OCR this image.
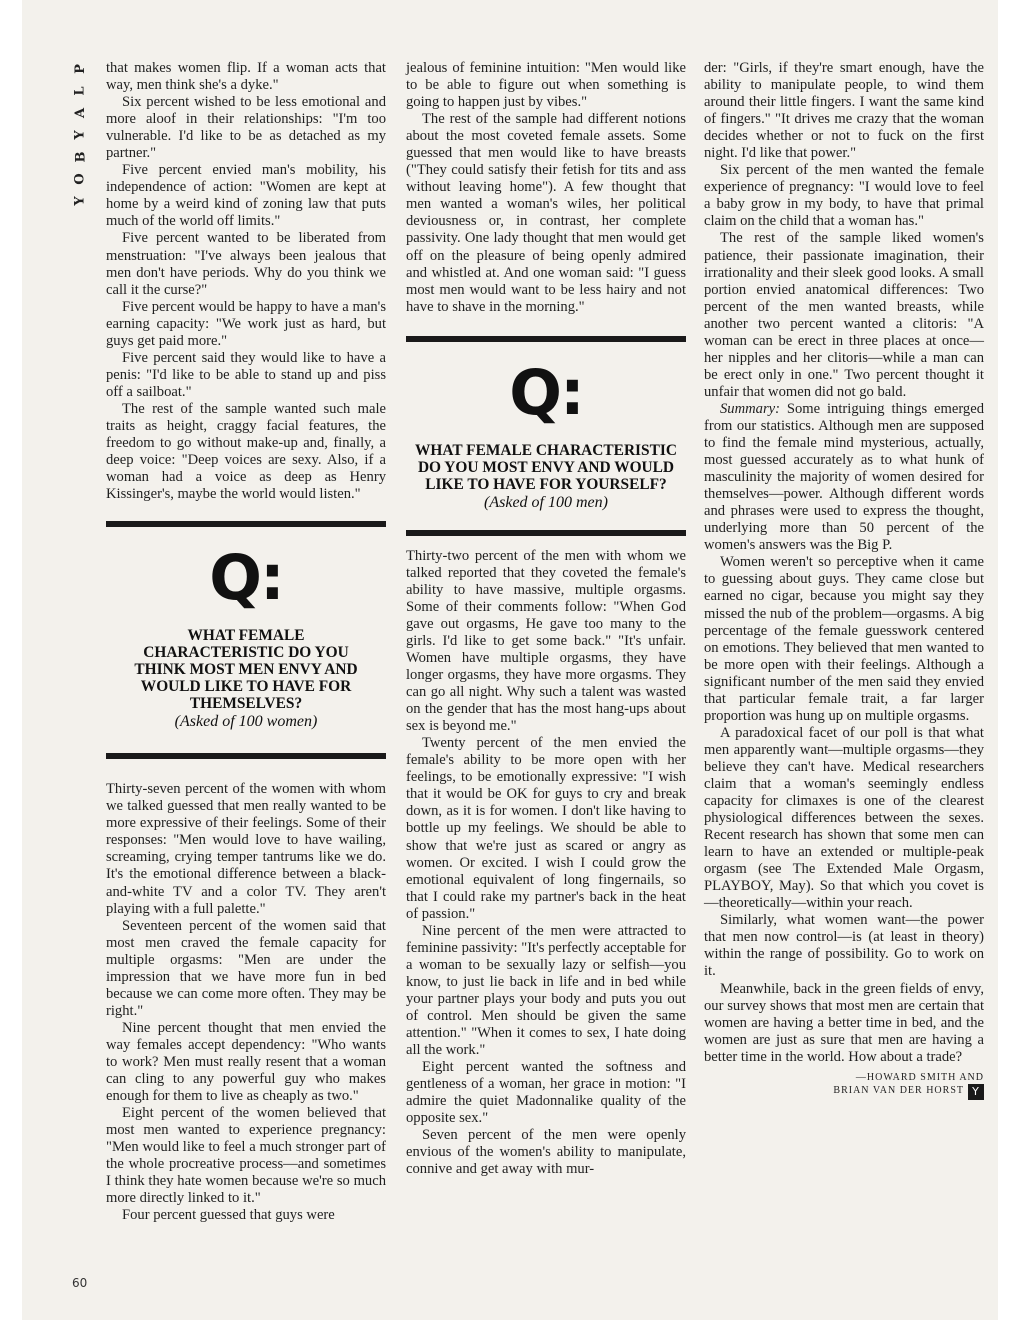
P
L
A
Y
B
O
Y
60

that makes women flip. If a woman acts that way, men think she's a dyke."

Six percent wished to be less emotional and more aloof in their relationships: "I'm too vulnerable. I'd like to be as detached as my partner."

Five percent envied man's mobility, his independence of action: "Women are kept at home by a weird kind of zoning law that puts much of the world off limits."

Five percent wanted to be liberated from menstruation: "I've always been jealous that men don't have periods. Why do you think we call it the curse?"

Five percent would be happy to have a man's earning capacity: "We work just as hard, but guys get paid more."

Five percent said they would like to have a penis: "I'd like to be able to stand up and piss off a sailboat."

The rest of the sample wanted such male traits as height, craggy facial features, the freedom to go without make-up and, finally, a deep voice: "Deep voices are sexy. Also, if a woman had a voice as deep as Henry Kissinger's, maybe the world would listen."

Q:
WHAT FEMALE CHARACTERISTIC DO YOU THINK MOST MEN ENVY AND WOULD LIKE TO HAVE FOR THEMSELVES?
(Asked of 100 women)

Thirty-seven percent of the women with whom we talked guessed that men really wanted to be more expressive of their feelings. Some of their responses: "Men would love to have wailing, screaming, crying temper tantrums like we do. It's the emotional difference between a black-and-white TV and a color TV. They aren't playing with a full palette."

Seventeen percent of the women said that most men craved the female capacity for multiple orgasms: "Men are under the impression that we have more fun in bed because we can come more often. They may be right."

Nine percent thought that men envied the way females accept dependency: "Who wants to work? Men must really resent that a woman can cling to any powerful guy who makes enough for them to live as cheaply as two."

Eight percent of the women believed that most men wanted to experience pregnancy: "Men would like to feel a much stronger part of the whole procreative process—and sometimes I think they hate women because we're so much more directly linked to it."

Four percent guessed that guys were

jealous of feminine intuition: "Men would like to be able to figure out when something is going to happen just by vibes."

The rest of the sample had different notions about the most coveted female assets. Some guessed that men would like to have breasts ("They could satisfy their fetish for tits and ass without leaving home"). A few thought that men wanted a woman's wiles, her political deviousness or, in contrast, her complete passivity. One lady thought that men would get off on the pleasure of being openly admired and whistled at. And one woman said: "I guess most men would want to be less hairy and not have to shave in the morning."

Q:
WHAT FEMALE CHARACTERISTIC DO YOU MOST ENVY AND WOULD LIKE TO HAVE FOR YOURSELF?
(Asked of 100 men)

Thirty-two percent of the men with whom we talked reported that they coveted the female's ability to have massive, multiple orgasms. Some of their comments follow: "When God gave out orgasms, He gave too many to the girls. I'd like to get some back." "It's unfair. Women have multiple orgasms, they have longer orgasms, they have more orgasms. They can go all night. Why such a talent was wasted on the gender that has the most hang-ups about sex is beyond me."

Twenty percent of the men envied the female's ability to be more open with her feelings, to be emotionally expressive: "I wish that it would be OK for guys to cry and break down, as it is for women. I don't like having to bottle up my feelings. We should be able to show that we're just as scared or angry as women. Or excited. I wish I could grow the emotional equivalent of long fingernails, so that I could rake my partner's back in the heat of passion."

Nine percent of the men were attracted to feminine passivity: "It's perfectly acceptable for a woman to be sexually lazy or selfish—you know, to just lie back in life and in bed while your partner plays your body and puts you out of control. Men should be given the same attention." "When it comes to sex, I hate doing all the work."

Eight percent wanted the softness and gentleness of a woman, her grace in motion: "I admire the quiet Madonnalike quality of the opposite sex."

Seven percent of the men were openly envious of the women's ability to manipulate, connive and get away with mur-

der: "Girls, if they're smart enough, have the ability to manipulate people, to wind them around their little fingers. I want the same kind of fingers." "It drives me crazy that the woman decides whether or not to fuck on the first night. I'd like that power."

Six percent of the men wanted the female experience of pregnancy: "I would love to feel a baby grow in my body, to have that primal claim on the child that a woman has."

The rest of the sample liked women's patience, their passionate imagination, their irrationality and their sleek good looks. A small portion envied anatomical differences: Two percent of the men wanted breasts, while another two percent wanted a clitoris: "A woman can be erect in three places at once—her nipples and her clitoris—while a man can be erect only in one." Two percent thought it unfair that women did not go bald.

Summary: Some intriguing things emerged from our statistics. Although men are supposed to find the female mind mysterious, actually, most guessed accurately as to what hunk of masculinity the majority of women desired for themselves—power. Although different words and phrases were used to express the thought, underlying more than 50 percent of the women's answers was the Big P.

Women weren't so perceptive when it came to guessing about guys. They came close but earned no cigar, because you might say they missed the nub of the problem—orgasms. A big percentage of the female guesswork centered on emotions. They believed that men wanted to be more open with their feelings. Although a significant number of the men said they envied that particular female trait, a far larger proportion was hung up on multiple orgasms.

A paradoxical facet of our poll is that what men apparently want—multiple orgasms—they believe they can't have. Medical researchers claim that a woman's seemingly endless capacity for climaxes is one of the clearest physiological differences between the sexes. Recent research has shown that some men can learn to have an extended or multiple-peak orgasm (see The Extended Male Orgasm, PLAYBOY, May). So that which you covet is—theoretically—within your reach.

Similarly, what women want—the power that men now control—is (at least in theory) within the range of possibility. Go to work on it.

Meanwhile, back in the green fields of envy, our survey shows that most men are certain that women are having a better time in bed, and the women are just as sure that men are having a better time in the world. How about a trade?

—HOWARD SMITH AND
BRIAN VAN DER HORST Y
